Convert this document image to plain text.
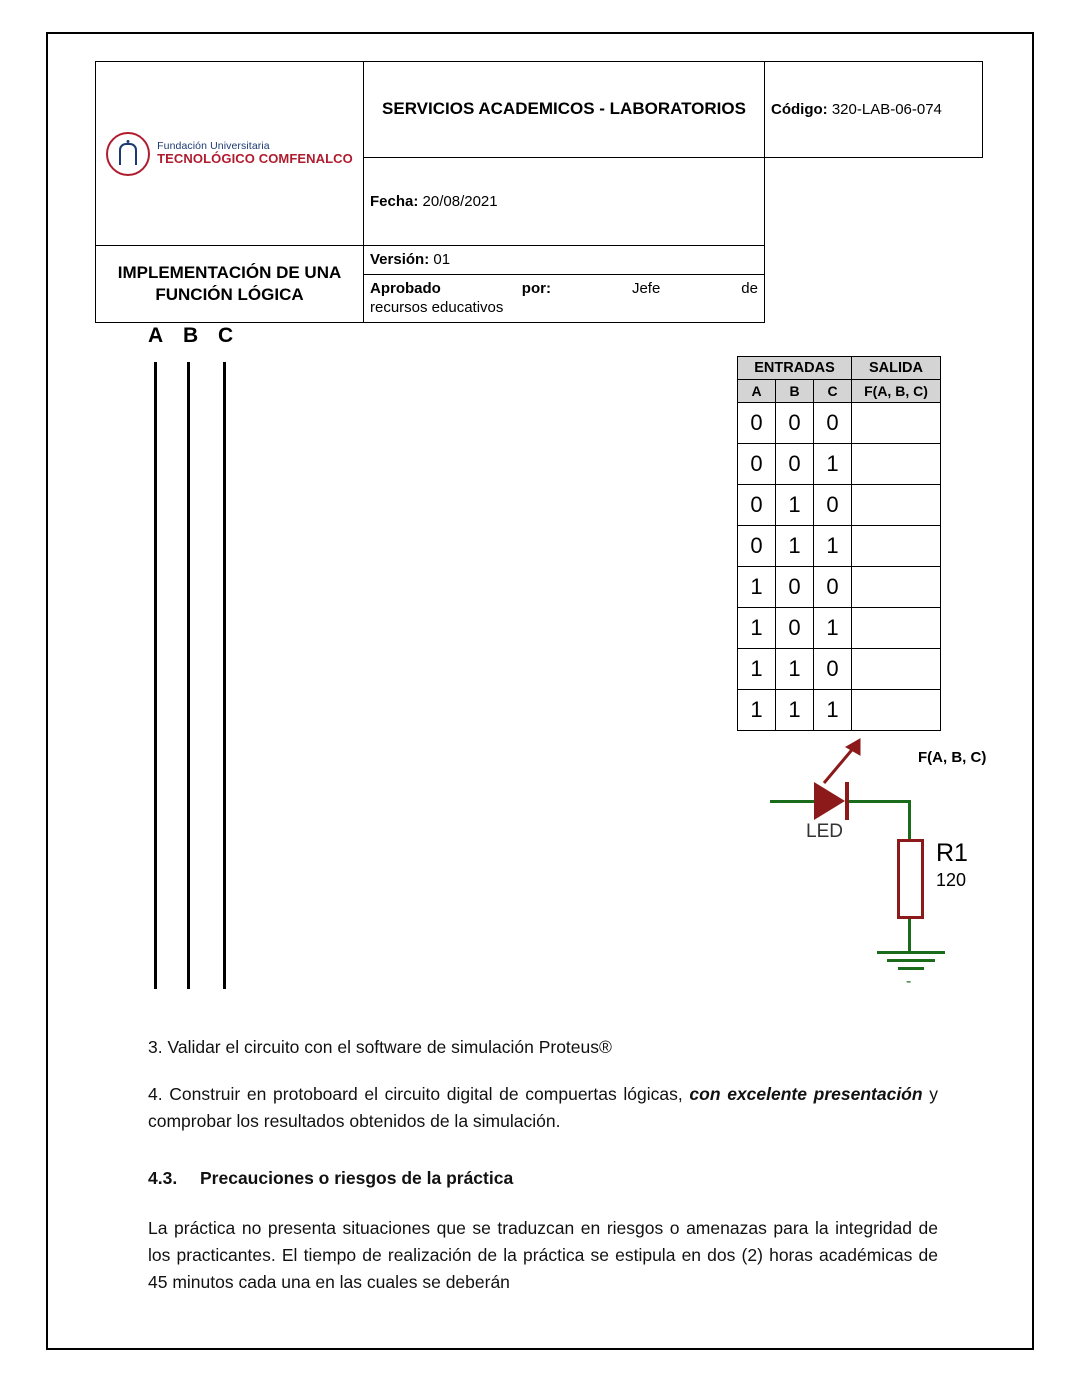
Fundación Universitaria
TECNOLÓGICO COMFENALCO	SERVICIOS ACADEMICOS - LABORATORIOS	Código: 320-LAB-06-074
	Fecha: 20/08/2021	
IMPLEMENTACIÓN DE UNA FUNCIÓN LÓGICA	Versión: 01	

	Aprobado por: Jefe de
recursos educativos	
A B C
ENTRADAS			SALIDA
A	B	C	F(A, B, C)
0	0	0	
0	0	1	
0	1	0	
0	1	1	
1	0	0	
1	0	1	
1	1	0	
1	1	1	
LED
F(A, B, C)
R1
120
-

3. Validar el circuito con el software de simulación Proteus®

4. Construir en protoboard el circuito digital de compuertas lógicas, con excelente presentación y comprobar los resultados obtenidos de la simulación.

4.3. Precauciones o riesgos de la práctica

La práctica no presenta situaciones que se traduzcan en riesgos o amenazas para la integridad de los practicantes. El tiempo de realización de la práctica se estipula en dos (2) horas académicas de 45 minutos cada una en las cuales se deberán
